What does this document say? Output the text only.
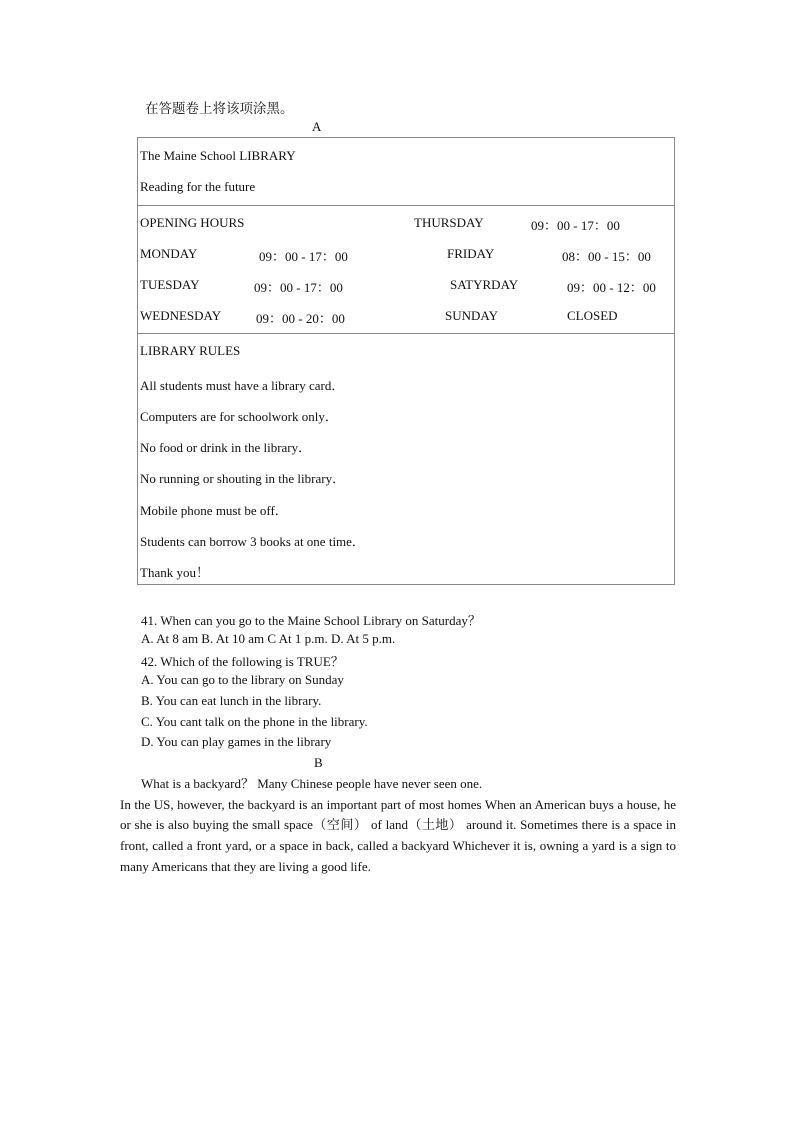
在答题卷上将该项涂黑。
A
The Maine School LIBRARY
Reading for the future
OPENING HOURS
MONDAY	09：00 - 17：00
TUESDAY	09：00 - 17：00
WEDNESDAY	09：00 - 20：00
THURSDAY	09：00 - 17：00
FRIDAY	08：00 - 15：00
SATYRDAY	09：00 - 12：00
SUNDAY	CLOSED
LIBRARY RULES
All students must have a library card．
Computers are for schoolwork only．
No food or drink in the library．
No running or shouting in the library．
Mobile phone must be off．
Students can borrow 3 books at one time．
Thank you！
41. When can you go to the Maine School Library on Saturday？
A. At 8 am B. At 10 am C At 1 p.m. D. At 5 p.m.
42. Which of the following is TRUE？
A. You can go to the library on Sunday
B. You can eat lunch in the library.
C. You cant talk on the phone in the library.
D. You can play games in the library
B

What is a backyard？ Many Chinese people have never seen one.

In the US, however, the backyard is an important part of most homes When an American buys a house, he or she is also buying the small space（空间） of land（土地） around it. Sometimes there is a space in front, called a front yard, or a space in back, called a backyard Whichever it is, owning a yard is a sign to many Americans that they are living a good life.
